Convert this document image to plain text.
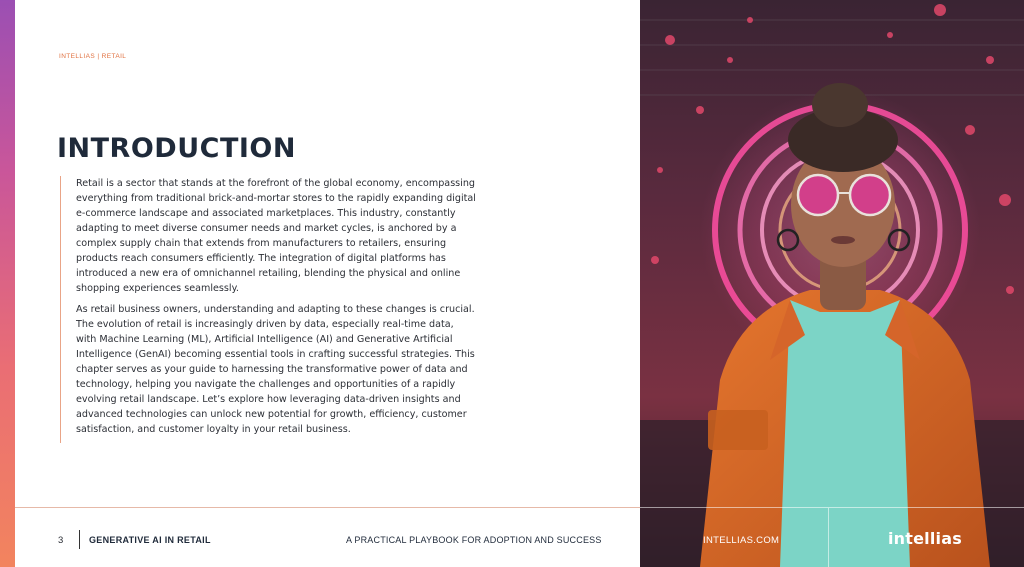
INTELLIAS | RETAIL
INTRODUCTION

Retail is a sector that stands at the forefront of the global economy, encompassing everything from traditional brick-and-mortar stores to the rapidly expanding digital e-commerce landscape and associated marketplaces. This industry, constantly adapting to meet diverse consumer needs and market cycles, is anchored by a complex supply chain that extends from manufacturers to retailers, ensuring products reach consumers efficiently. The integration of digital platforms has introduced a new era of omnichannel retailing, blending the physical and online shopping experiences seamlessly.

As retail business owners, understanding and adapting to these changes is crucial. The evolution of retail is increasingly driven by data, especially real-time data, with Machine Learning (ML), Artificial Intelligence (AI) and Generative Artificial Intelligence (GenAI) becoming essential tools in crafting successful strategies. This chapter serves as your guide to harnessing the transformative power of data and technology, helping you navigate the challenges and opportunities of a rapidly evolving retail landscape. Let’s explore how leveraging data-driven insights and advanced technologies can unlock new potential for growth, efficiency, customer satisfaction, and customer loyalty in your retail business.

3	GENERATIVE AI IN RETAIL	A PRACTICAL PLAYBOOK FOR ADOPTION AND SUCCESS	INTELLIAS.COM	intellias
